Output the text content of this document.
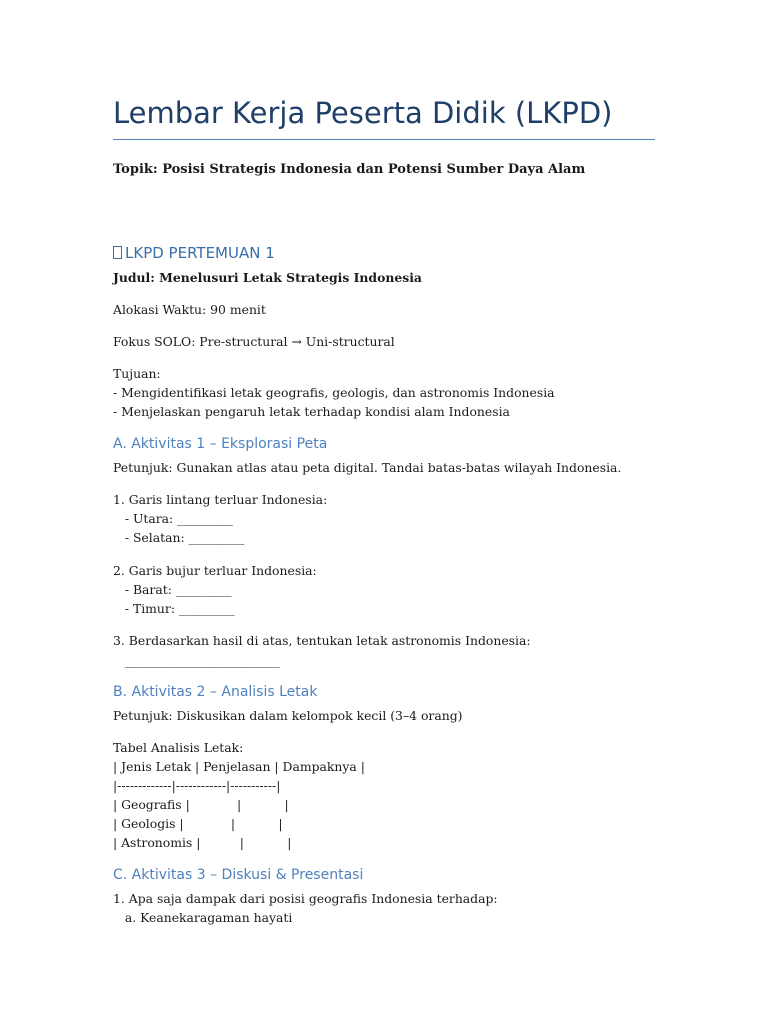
Lembar Kerja Peserta Didik (LKPD)
Topik: Posisi Strategis Indonesia dan Potensi Sumber Daya Alam
LKPD PERTEMUAN 1
Judul: Menelusuri Letak Strategis Indonesia
Alokasi Waktu: 90 menit
Fokus SOLO: Pre-structural → Uni-structural
Tujuan:
- Mengidentifikasi letak geografis, geologis, dan astronomis Indonesia
- Menjelaskan pengaruh letak terhadap kondisi alam Indonesia
A. Aktivitas 1 – Eksplorasi Peta
Petunjuk: Gunakan atlas atau peta digital. Tandai batas-batas wilayah Indonesia.
1. Garis lintang terluar Indonesia:
- Utara: _________
- Selatan: _________
2. Garis bujur terluar Indonesia:
- Barat: _________
- Timur: _________
3. Berdasarkan hasil di atas, tentukan letak astronomis Indonesia:
_________________________
B. Aktivitas 2 – Analisis Letak
Petunjuk: Diskusikan dalam kelompok kecil (3–4 orang)
Tabel Analisis Letak:
| Jenis Letak | Penjelasan | Dampaknya |
|-------------|------------|-----------|
| Geografis |            |           |
| Geologis |            |           |
| Astronomis |          |           |
C. Aktivitas 3 – Diskusi & Presentasi
1. Apa saja dampak dari posisi geografis Indonesia terhadap:
a. Keanekaragaman hayati
